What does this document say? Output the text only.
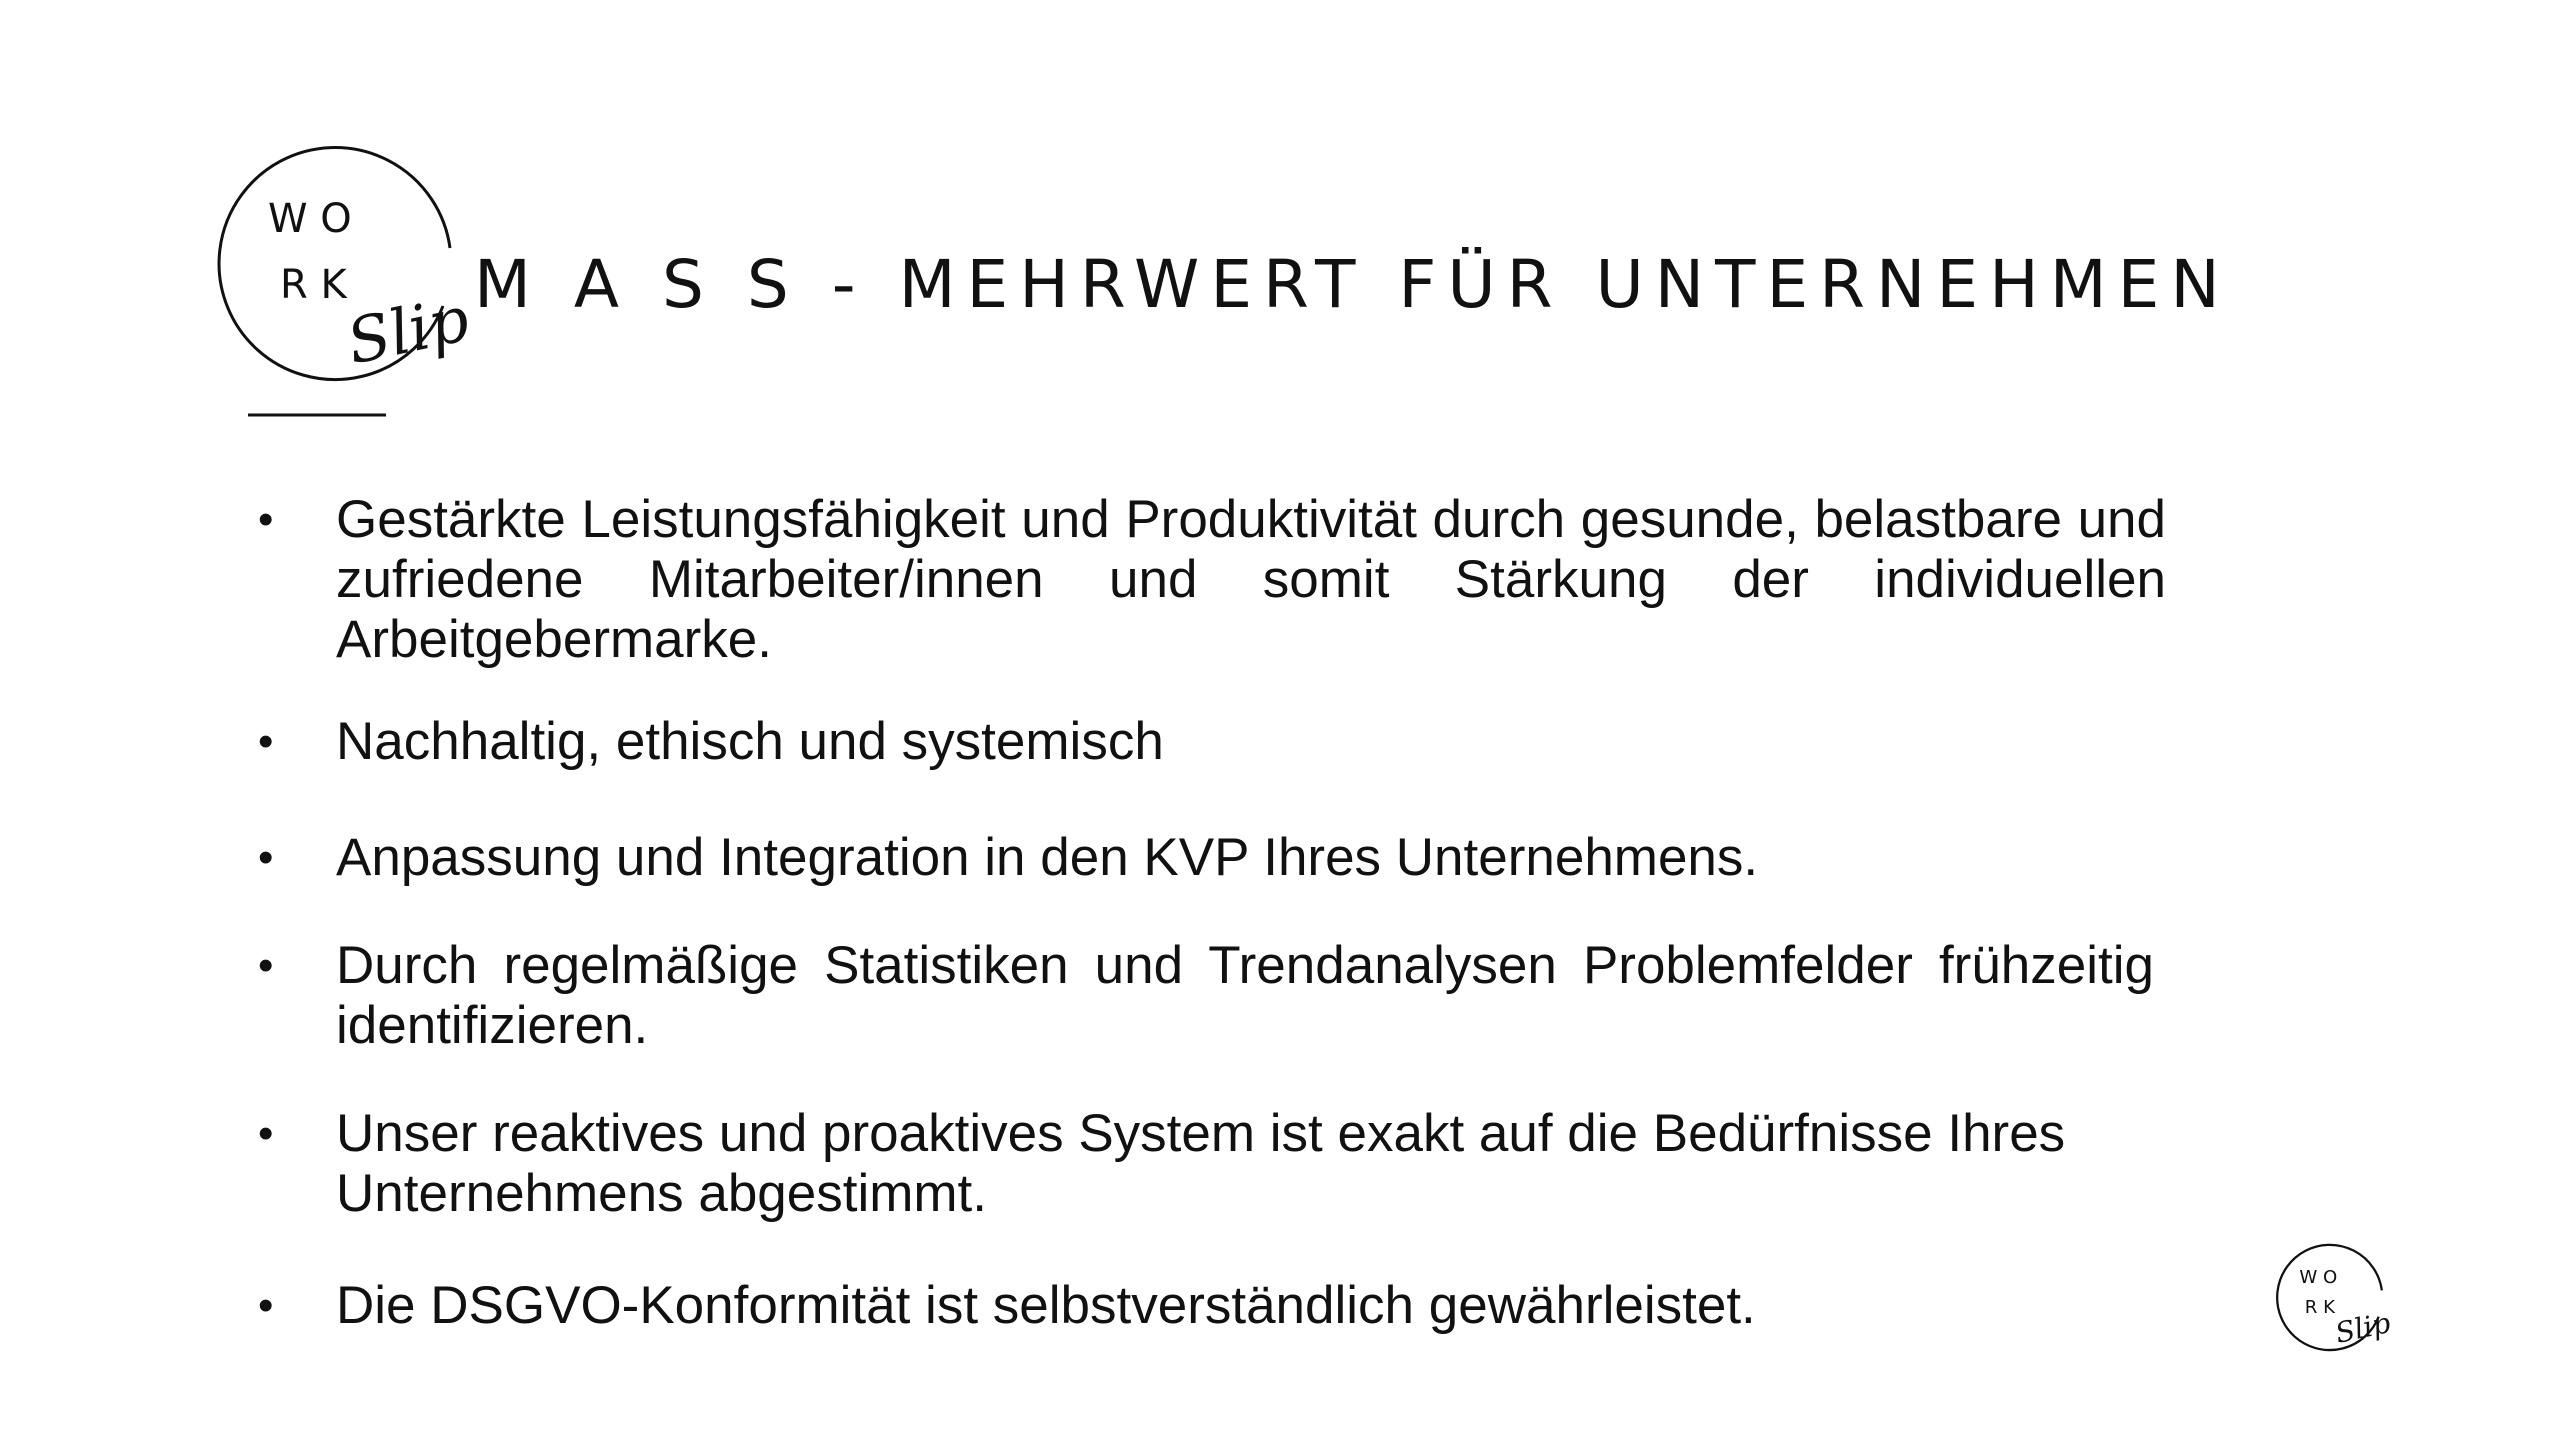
W O
R K
Slip
M A S S - MEHRWERT FÜR UNTERNEHMEN
• Gestärkte Leistungsfähigkeit und Produktivität durch gesunde, belastbare und zufriedene Mitarbeiter/innen und somit Stärkung der individuellen Arbeitgebermarke.
• Nachhaltig, ethisch und systemisch
• Anpassung und Integration in den KVP Ihres Unternehmens.
• Durch regelmäßige Statistiken und Trendanalysen Problemfelder frühzeitig identifizieren.
• Unser reaktives und proaktives System ist exakt auf die Bedürfnisse Ihres Unternehmens abgestimmt.
• Die DSGVO-Konformität ist selbstverständlich gewährleistet.	W O
R K
Slip
